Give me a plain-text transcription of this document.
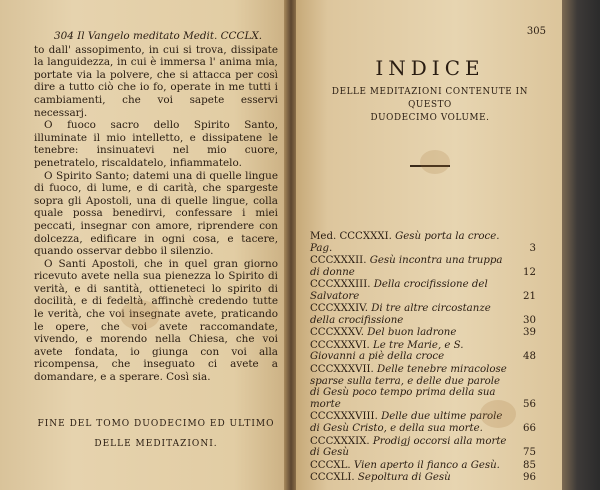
304 Il Vangelo meditato Medit. CCCLX.

to dall' assopimento, in cui si trova, dissipate la languidezza, in cui è immersa l' anima mia, portate via la polvere, che si attacca per così dire a tutto ciò che io fo, operate in me tutti i cambiamenti, che voi sapete esservi necessarj.

O fuoco sacro dello Spirito Santo, illuminate il mio intelletto, e dissipatene le tenebre: insinuatevi nel mio cuore, penetratelo, riscaldatelo, infiammatelo.

O Spirito Santo; datemi una di quelle lingue di fuoco, di lume, e di carità, che spargeste sopra gli Apostoli, una di quelle lingue, colla quale possa benedirvi, confessare i miei peccati, insegnar con amore, riprendere con dolcezza, edificare in ogni cosa, e tacere, quando osservar debbo il silenzio.

O Santi Apostoli, che in quel gran giorno ricevuto avete nella sua pienezza lo Spirito di verità, e di santità, ottieneteci lo spirito di docilità, e di fedeltà, affinchè credendo tutte le verità, che voi insegnate avete, praticando le opere, che voi avete raccomandate, vivendo, e morendo nella Chiesa, che voi avete fondata, io giunga con voi alla ricompensa, che inseguato ci avete a domandare, e a sperare. Così sia.

FINE DEL TOMO DUODECIMO ED ULTIMO
DELLE MEDITAZIONI.
305
INDICE
DELLE MEDITAZIONI CONTENUTE IN QUESTO
DUODECIMO VOLUME.
Med. CCCXXXI. Gesù porta la croce. Pag.	3
CCCXXXII. Gesù incontra una truppa di donne	12
CCCXXXIII. Della crocifissione del Salvatore	21
CCCXXXIV. Di tre altre circostanze della crocifissione	30
CCCXXXV. Del buon ladrone	39
CCCXXXVI. Le tre Marie, e S. Giovanni a piè della croce	48
CCCXXXVII. Delle tenebre miracolose sparse sulla terra, e delle due parole di Gesù poco tempo prima della sua morte	56
CCCXXXVIII. Delle due ultime parole di Gesù Cristo, e della sua morte.	66
CCCXXXIX. Prodigj occorsi alla morte di Gesù	75
CCCXL. Vien aperto il fianco a Gesù.	85
CCCXLI. Sepoltura di Gesù	96
